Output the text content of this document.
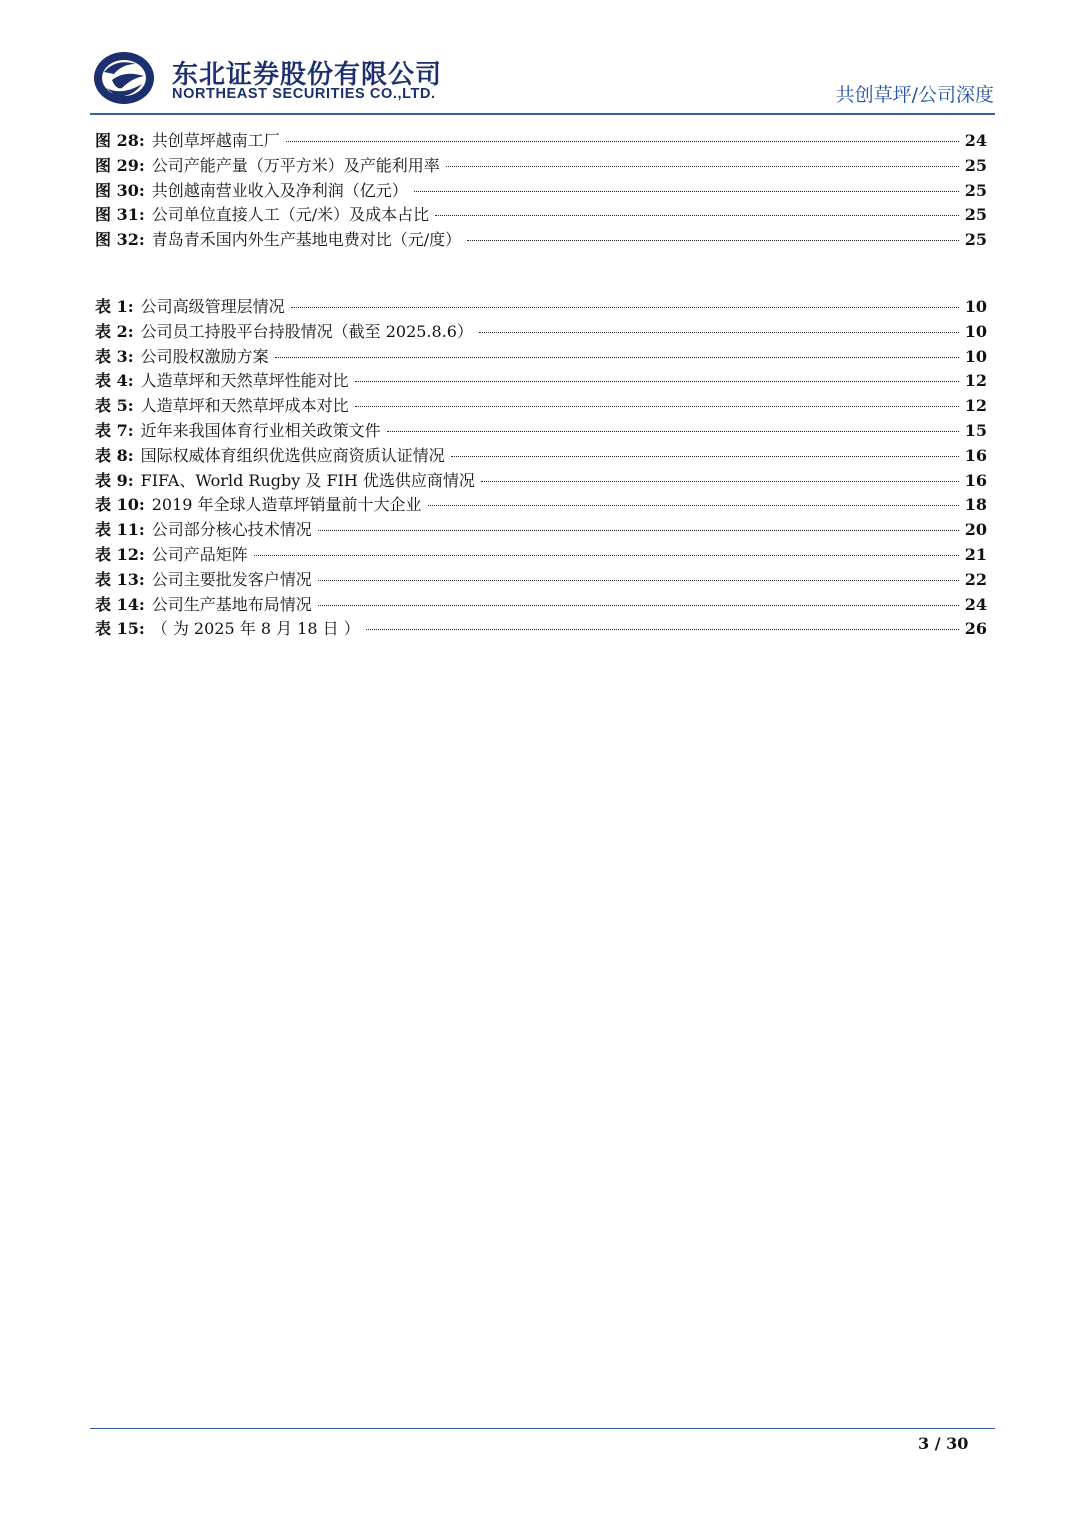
东北证券股份有限公司
NORTHEAST SECURITIES CO.,LTD.	共创草坪/公司深度
图 28: 共创草坪越南工厂	24
图 29: 公司产能产量（万平方米）及产能利用率	25
图 30: 共创越南营业收入及净利润（亿元）	25
图 31: 公司单位直接人工（元/米）及成本占比	25
图 32: 青岛青禾国内外生产基地电费对比（元/度）	25
表 1: 公司高级管理层情况	10
表 2: 公司员工持股平台持股情况（截至 2025.8.6）	10
表 3: 公司股权激励方案	10
表 4: 人造草坪和天然草坪性能对比	12
表 5: 人造草坪和天然草坪成本对比	12
表 7: 近年来我国体育行业相关政策文件	15
表 8: 国际权威体育组织优选供应商资质认证情况	16
表 9: FIFA、World Rugby 及 FIH 优选供应商情况	16
表 10: 2019 年全球人造草坪销量前十大企业	18
表 11: 公司部分核心技术情况	20
表 12: 公司产品矩阵	21
表 13: 公司主要批发客户情况	22
表 14: 公司生产基地布局情况	24
表 15: （ 为 2025 年 8 月 18 日 ）	26
3 / 30
